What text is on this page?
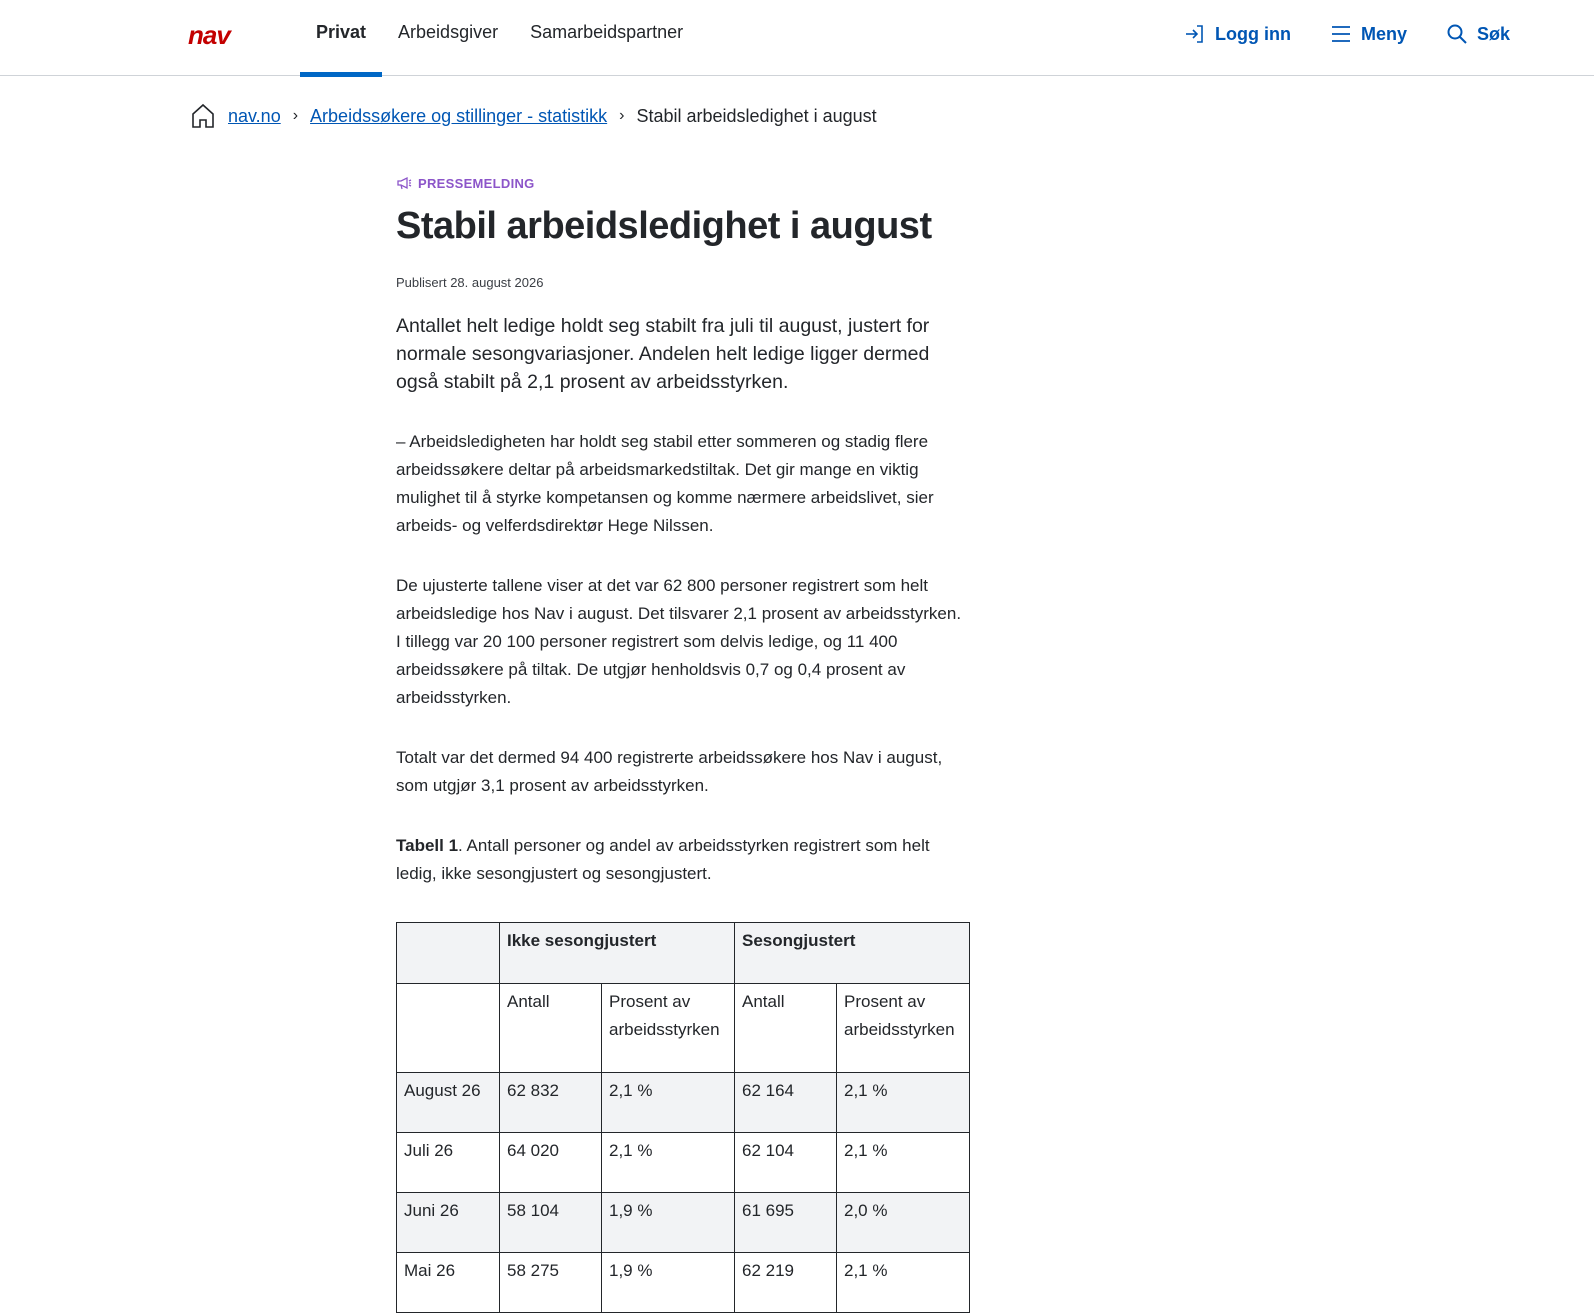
nav	Privat	Arbeidsgiver	Samarbeidspartner	Logg inn	Meny	Søk
nav.no › Arbeidssøkere og stillinger - statistikk › Stabil arbeidsledighet i august
PRESSEMELDING
Stabil arbeidsledighet i august
Publisert 28. august 2026

Antallet helt ledige holdt seg stabilt fra juli til august, justert for normale sesongvariasjoner. Andelen helt ledige ligger dermed også stabilt på 2,1 prosent av arbeidsstyrken.

– Arbeidsledigheten har holdt seg stabil etter sommeren og stadig flere arbeidssøkere deltar på arbeidsmarkedstiltak. Det gir mange en viktig mulighet til å styrke kompetansen og komme nærmere arbeidslivet, sier arbeids- og velferdsdirektør Hege Nilssen.

De ujusterte tallene viser at det var 62 800 personer registrert som helt arbeidsledige hos Nav i august. Det tilsvarer 2,1 prosent av arbeidsstyrken. I tillegg var 20 100 personer registrert som delvis ledige, og 11 400 arbeidssøkere på tiltak. De utgjør henholdsvis 0,7 og 0,4 prosent av arbeidsstyrken.

Totalt var det dermed 94 400 registrerte arbeidssøkere hos Nav i august, som utgjør 3,1 prosent av arbeidsstyrken.

Tabell 1. Antall personer og andel av arbeidsstyrken registrert som helt ledig, ikke sesongjustert og sesongjustert.

	Ikke sesongjustert		Sesongjustert	
	Antall	Prosent av arbeidsstyrken	Antall	Prosent av arbeidsstyrken
August 26	62 832	2,1 %	62 164	2,1 %
Juli 26	64 020	2,1 %	62 104	2,1 %
Juni 26	58 104	1,9 %	61 695	2,0 %
Mai 26	58 275	1,9 %	62 219	2,1 %
